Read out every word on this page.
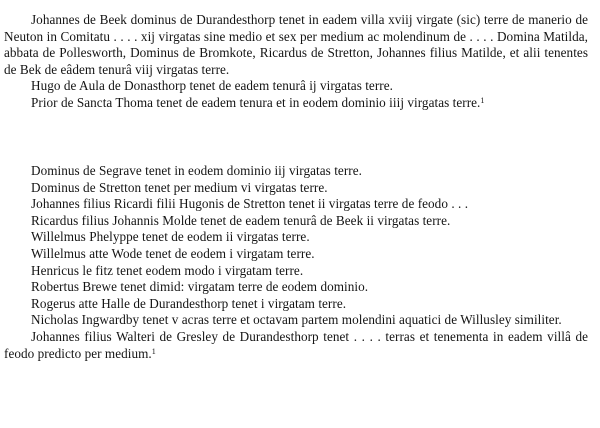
Johannes de Beek dominus de Durandesthorp tenet in eadem villa xviij virgate (sic) terre de manerio de Neuton in Comitatu . . . . xij virgatas sine medio et sex per medium ac molendinum de . . . . Domina Matilda, abbata de Pollesworth, Dominus de Bromkote, Ricardus de Stretton, Johannes filius Matilde, et alii tenentes de Bek de eâdem tenurâ viij virgatas terre.

Hugo de Aula de Donasthorp tenet de eadem tenurâ ij virgatas terre.

Prior de Sancta Thoma tenet de eadem tenura et in eodem dominio iiij virgatas terre.$^1$

Dominus de Segrave tenet in eodem dominio iij virgatas terre.

Dominus de Stretton tenet per medium vi virgatas terre.

Johannes filius Ricardi filii Hugonis de Stretton tenet ii virgatas terre de feodo . . .

Ricardus filius Johannis Molde tenet de eadem tenurâ de Beek ii virgatas terre.

Willelmus Phelyppe tenet de eodem ii virgatas terre.

Willelmus atte Wode tenet de eodem i virgatam terre.

Henricus le fitz tenet eodem modo i virgatam terre.

Robertus Brewe tenet dimid: virgatam terre de eodem dominio.

Rogerus atte Halle de Durandesthorp tenet i virgatam terre.

Nicholas Ingwardby tenet v acras terre et octavam partem molendini aquatici de Willusley similiter.

Johannes filius Walteri de Gresley de Durandesthorp tenet . . . . terras et tenementa in eadem villâ de feodo predicto per medium.$^1$
